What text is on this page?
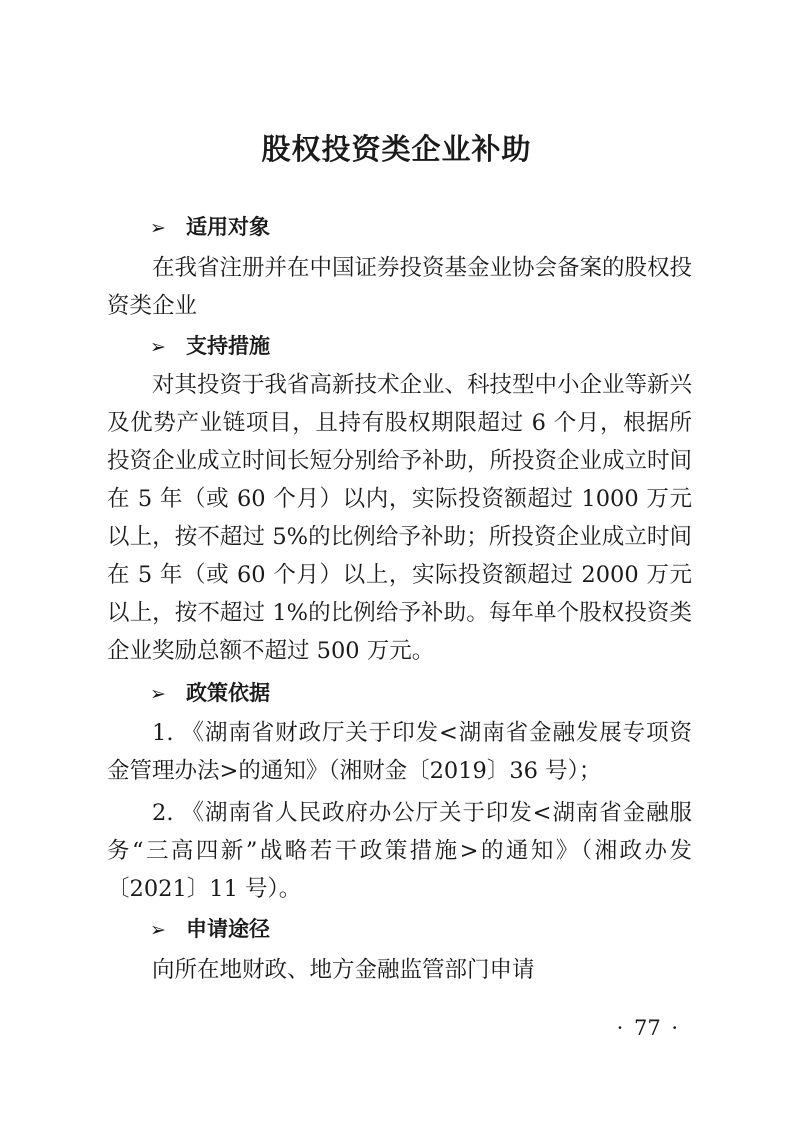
股权投资类企业补助
➢ 适用对象

在我省注册并在中国证券投资基金业协会备案的股权投资类企业

➢ 支持措施

对其投资于我省高新技术企业、科技型中小企业等新兴及优势产业链项目，且持有股权期限超过 6 个月，根据所投资企业成立时间长短分别给予补助，所投资企业成立时间在 5 年（或 60 个月）以内，实际投资额超过 1000 万元以上，按不超过 5%的比例给予补助；所投资企业成立时间在 5 年（或 60 个月）以上，实际投资额超过 2000 万元以上，按不超过 1%的比例给予补助。每年单个股权投资类企业奖励总额不超过 500 万元。

➢ 政策依据

1. 《湖南省财政厅关于印发<湖南省金融发展专项资金管理办法>的通知》（湘财金〔2019〕36 号）；

2. 《湖南省人民政府办公厅关于印发<湖南省金融服务“三高四新”战略若干政策措施>的通知》（湘政办发〔2021〕11 号）。

➢ 申请途径

向所在地财政、地方金融监管部门申请

· 77 ·
